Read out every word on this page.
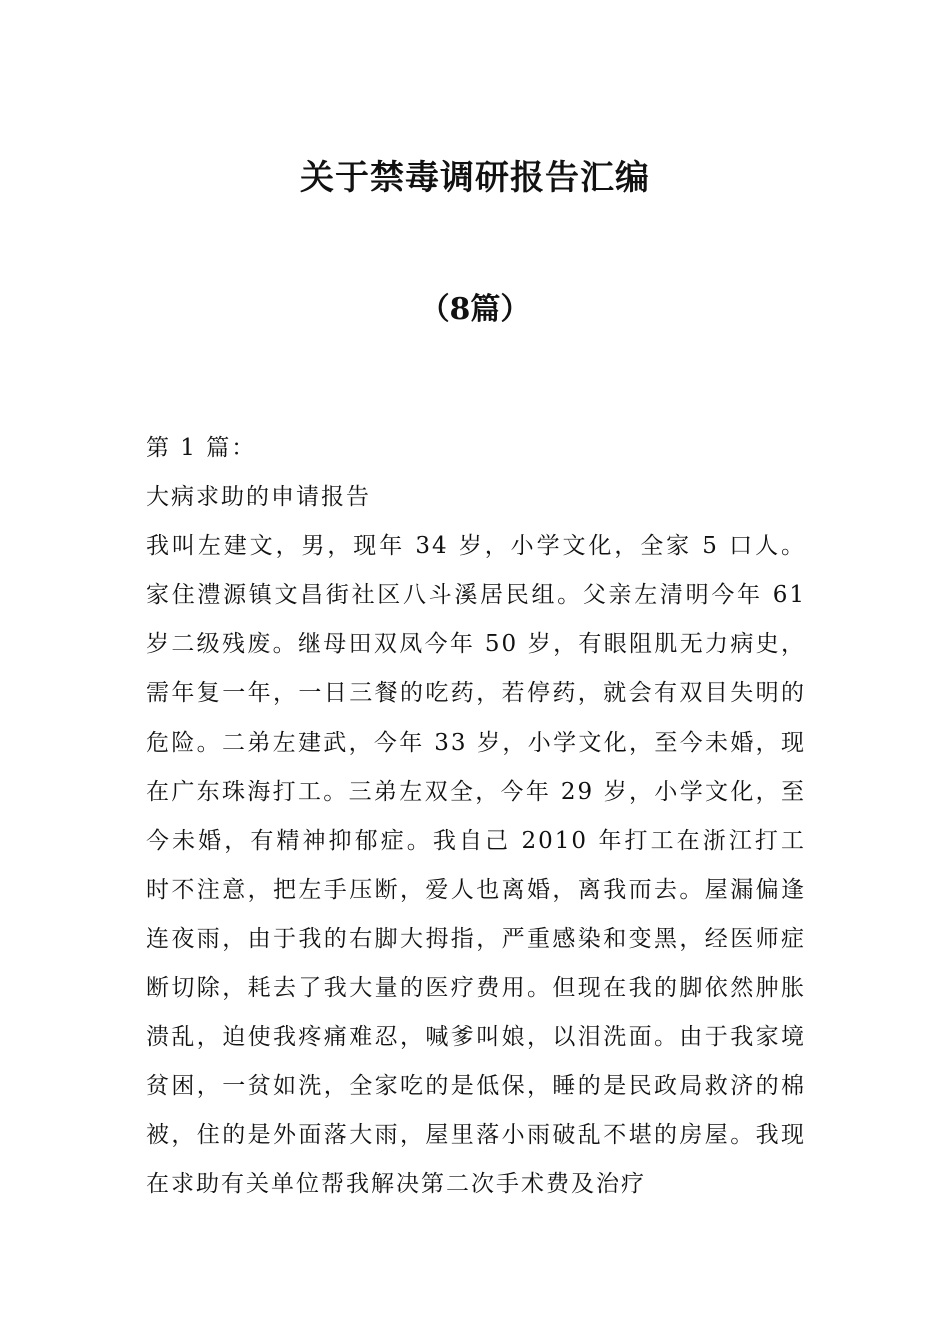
关于禁毒调研报告汇编
（8篇）

第 1 篇：

大病求助的申请报告

我叫左建文，男，现年 34 岁，小学文化，全家 5 口人。家住澧源镇文昌街社区八斗溪居民组。父亲左清明今年 61 岁二级残废。继母田双凤今年 50 岁，有眼阻肌无力病史，需年复一年，一日三餐的吃药，若停药，就会有双目失明的危险。二弟左建武，今年 33 岁，小学文化，至今未婚，现在广东珠海打工。三弟左双全，今年 29 岁，小学文化，至今未婚，有精神抑郁症。我自己 2010 年打工在浙江打工时不注意，把左手压断，爱人也离婚，离我而去。屋漏偏逢连夜雨，由于我的右脚大拇指，严重感染和变黑，经医师症断切除，耗去了我大量的医疗费用。但现在我的脚依然肿胀溃乱，迫使我疼痛难忍，喊爹叫娘，以泪洗面。由于我家境贫困，一贫如洗，全家吃的是低保，睡的是民政局救济的棉被，住的是外面落大雨，屋里落小雨破乱不堪的房屋。我现在求助有关单位帮我解决第二次手术费及治疗
